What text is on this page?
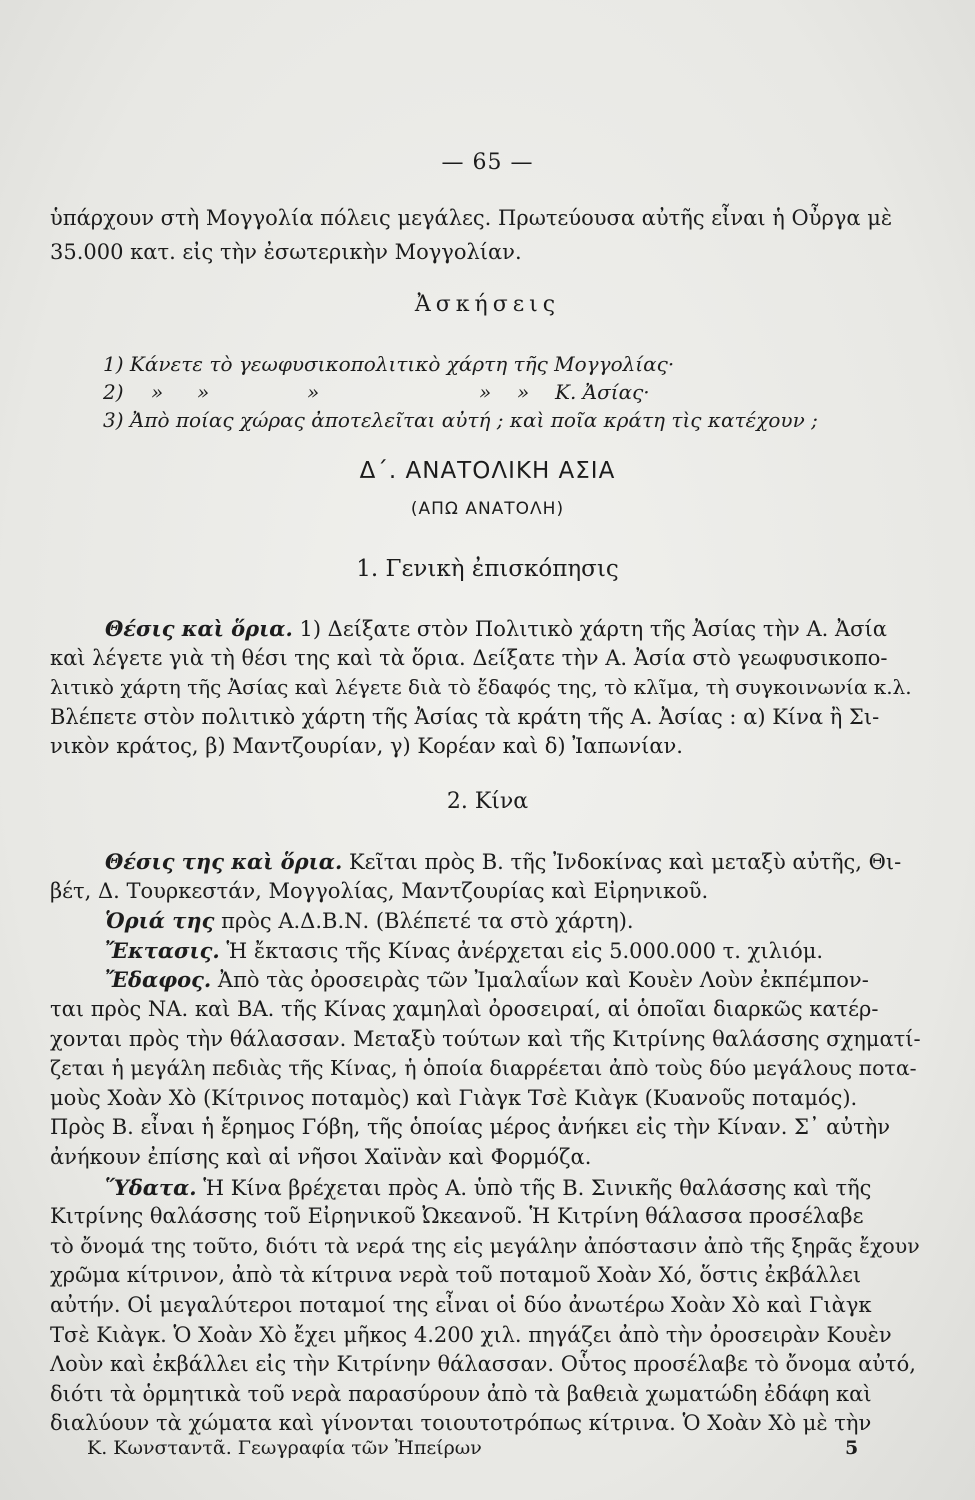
— 65 —
ὑπάρχουν στὴ Μογγολία πόλεις μεγάλες. Πρωτεύουσα αὐτῆς εἶναι ἡ Οὖργα μὲ
35.000 κατ. εἰς τὴν ἐσωτερικὴν Μογγολίαν.
Ἀσκήσεις
1) Κάνετε τὸ γεωφυσικοπολιτικὸ χάρτη τῆς Μογγολίας·
2) » »	»	» » Κ. Ἀσίας·
3) Ἀπὸ ποίας χώρας ἀποτελεῖται αὐτή ; καὶ ποῖα κράτη τὶς κατέχουν ;
Δ΄. ΑΝΑΤΟΛΙΚΗ ΑΣΙΑ
(ΑΠΩ ΑΝΑΤΟΛΗ)
1. Γενικὴ ἐπισκόπησις
Θέσις καὶ ὅρια. 1) Δείξατε στὸν Πολιτικὸ χάρτη τῆς Ἀσίας τὴν Α. Ἀσία
καὶ λέγετε γιὰ τὴ θέσι της καὶ τὰ ὅρια. Δείξατε τὴν Α. Ἀσία στὸ γεωφυσικοπο-
λιτικὸ χάρτη τῆς Ἀσίας καὶ λέγετε διὰ τὸ ἔδαφός της, τὸ κλῖμα, τὴ συγκοινωνία κ.λ.
Βλέπετε στὸν πολιτικὸ χάρτη τῆς Ἀσίας τὰ κράτη τῆς Α. Ἀσίας : α) Κίνα ἢ Σι-
νικὸν κράτος, β) Μαντζουρίαν, γ) Κορέαν καὶ δ) Ἰαπωνίαν.
2. Κίνα
Θέσις της καὶ ὅρια. Κεῖται πρὸς Β. τῆς Ἰνδοκίνας καὶ μεταξὺ αὐτῆς, Θι-
βέτ, Δ. Τουρκεστάν, Μογγολίας, Μαντζουρίας καὶ Εἰρηνικοῦ.
Ὁριά της πρὸς Α.Δ.Β.Ν. (Βλέπετέ τα στὸ χάρτη).
Ἔκτασις. Ἡ ἔκτασις τῆς Κίνας ἀνέρχεται εἰς 5.000.000 τ. χιλιόμ.
Ἔδαφος. Ἀπὸ τὰς ὀροσειρὰς τῶν Ἰμαλαΐων καὶ Κουὲν Λοὺν ἐκπέμπον-
ται πρὸς ΝΑ. καὶ ΒΑ. τῆς Κίνας χαμηλαὶ ὀροσειραί, αἱ ὁποῖαι διαρκῶς κατέρ-
χονται πρὸς τὴν θάλασσαν. Μεταξὺ τούτων καὶ τῆς Κιτρίνης θαλάσσης σχηματί-
ζεται ἡ μεγάλη πεδιὰς τῆς Κίνας, ἡ ὁποία διαρρέεται ἀπὸ τοὺς δύο μεγάλους ποτα-
μοὺς Χοὰν Χὸ (Κίτρινος ποταμὸς) καὶ Γιὰγκ Τσὲ Κιὰγκ (Κυανοῦς ποταμός).
Πρὸς Β. εἶναι ἡ ἔρημος Γόβη, τῆς ὁποίας μέρος ἀνήκει εἰς τὴν Κίναν. Σ᾽ αὐτὴν
ἀνήκουν ἐπίσης καὶ αἱ νῆσοι Χαϊνὰν καὶ Φορμόζα.
Ὕδατα. Ἡ Κίνα βρέχεται πρὸς Α. ὑπὸ τῆς Β. Σινικῆς θαλάσσης καὶ τῆς
Κιτρίνης θαλάσσης τοῦ Εἰρηνικοῦ Ὠκεανοῦ. Ἡ Κιτρίνη θάλασσα προσέλαβε
τὸ ὄνομά της τοῦτο, διότι τὰ νερά της εἰς μεγάλην ἀπόστασιν ἀπὸ τῆς ξηρᾶς ἔχουν
χρῶμα κίτρινον, ἀπὸ τὰ κίτρινα νερὰ τοῦ ποταμοῦ Χοὰν Χό, ὅστις ἐκβάλλει
αὐτήν. Οἱ μεγαλύτεροι ποταμοί της εἶναι οἱ δύο ἀνωτέρω Χοὰν Χὸ καὶ Γιὰγκ
Τσὲ Κιὰγκ. Ὁ Χοὰν Χὸ ἔχει μῆκος 4.200 χιλ. πηγάζει ἀπὸ τὴν ὀροσειρὰν Κουὲν
Λοὺν καὶ ἐκβάλλει εἰς τὴν Κιτρίνην θάλασσαν. Οὗτος προσέλαβε τὸ ὄνομα αὐτό,
διότι τὰ ὁρμητικὰ τοῦ νερὰ παρασύρουν ἀπὸ τὰ βαθειὰ χωματώδη ἐδάφη καὶ
διαλύουν τὰ χώματα καὶ γίνονται τοιουτοτρόπως κίτρινα. Ὁ Χοὰν Χὸ μὲ τὴν
Κ. Κωνσταντᾶ. Γεωγραφία τῶν Ἠπείρων	5
